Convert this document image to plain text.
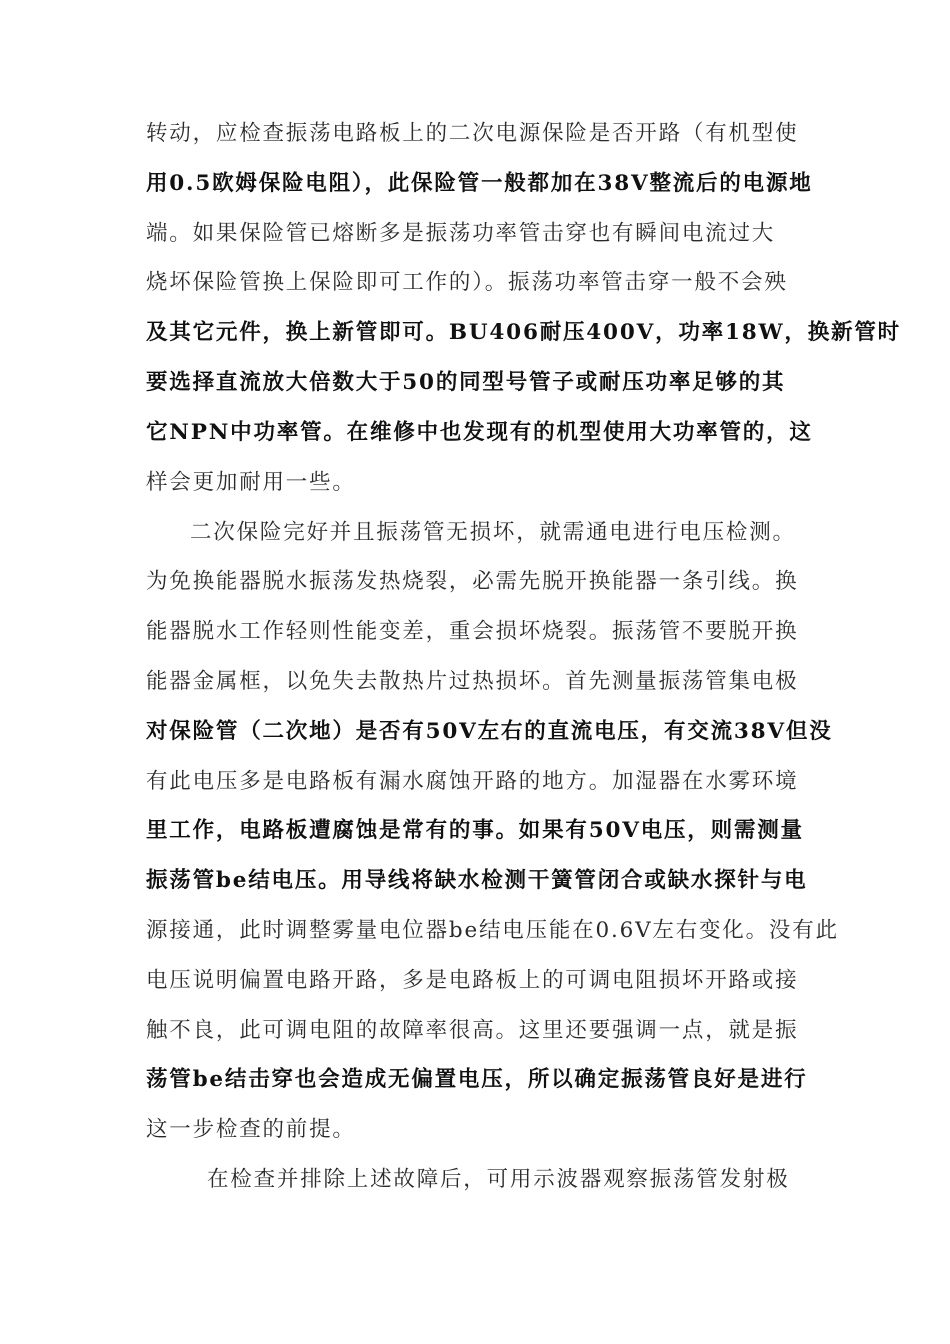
转动，应检查振荡电路板上的二次电源保险是否开路（有机型使
用0.5欧姆保险电阻），此保险管一般都加在38V整流后的电源地
端。如果保险管已熔断多是振荡功率管击穿也有瞬间电流过大
烧坏保险管换上保险即可工作的）。振荡功率管击穿一般不会殃
及其它元件，换上新管即可。BU406耐压400V，功率18W，换新管时
要选择直流放大倍数大于50的同型号管子或耐压功率足够的其
它NPN中功率管。在维修中也发现有的机型使用大功率管的，这
样会更加耐用一些。
二次保险完好并且振荡管无损坏，就需通电进行电压检测。
为免换能器脱水振荡发热烧裂，必需先脱开换能器一条引线。换
能器脱水工作轻则性能变差，重会损坏烧裂。振荡管不要脱开换
能器金属框，以免失去散热片过热损坏。首先测量振荡管集电极
对保险管（二次地）是否有50V左右的直流电压，有交流38V但没
有此电压多是电路板有漏水腐蚀开路的地方。加湿器在水雾环境
里工作，电路板遭腐蚀是常有的事。如果有50V电压，则需测量
振荡管be结电压。用导线将缺水检测干簧管闭合或缺水探针与电
源接通，此时调整雾量电位器be结电压能在0.6V左右变化。没有此
电压说明偏置电路开路，多是电路板上的可调电阻损坏开路或接
触不良，此可调电阻的故障率很高。这里还要强调一点，就是振
荡管be结击穿也会造成无偏置电压，所以确定振荡管良好是进行
这一步检查的前提。
在检查并排除上述故障后，可用示波器观察振荡管发射极
